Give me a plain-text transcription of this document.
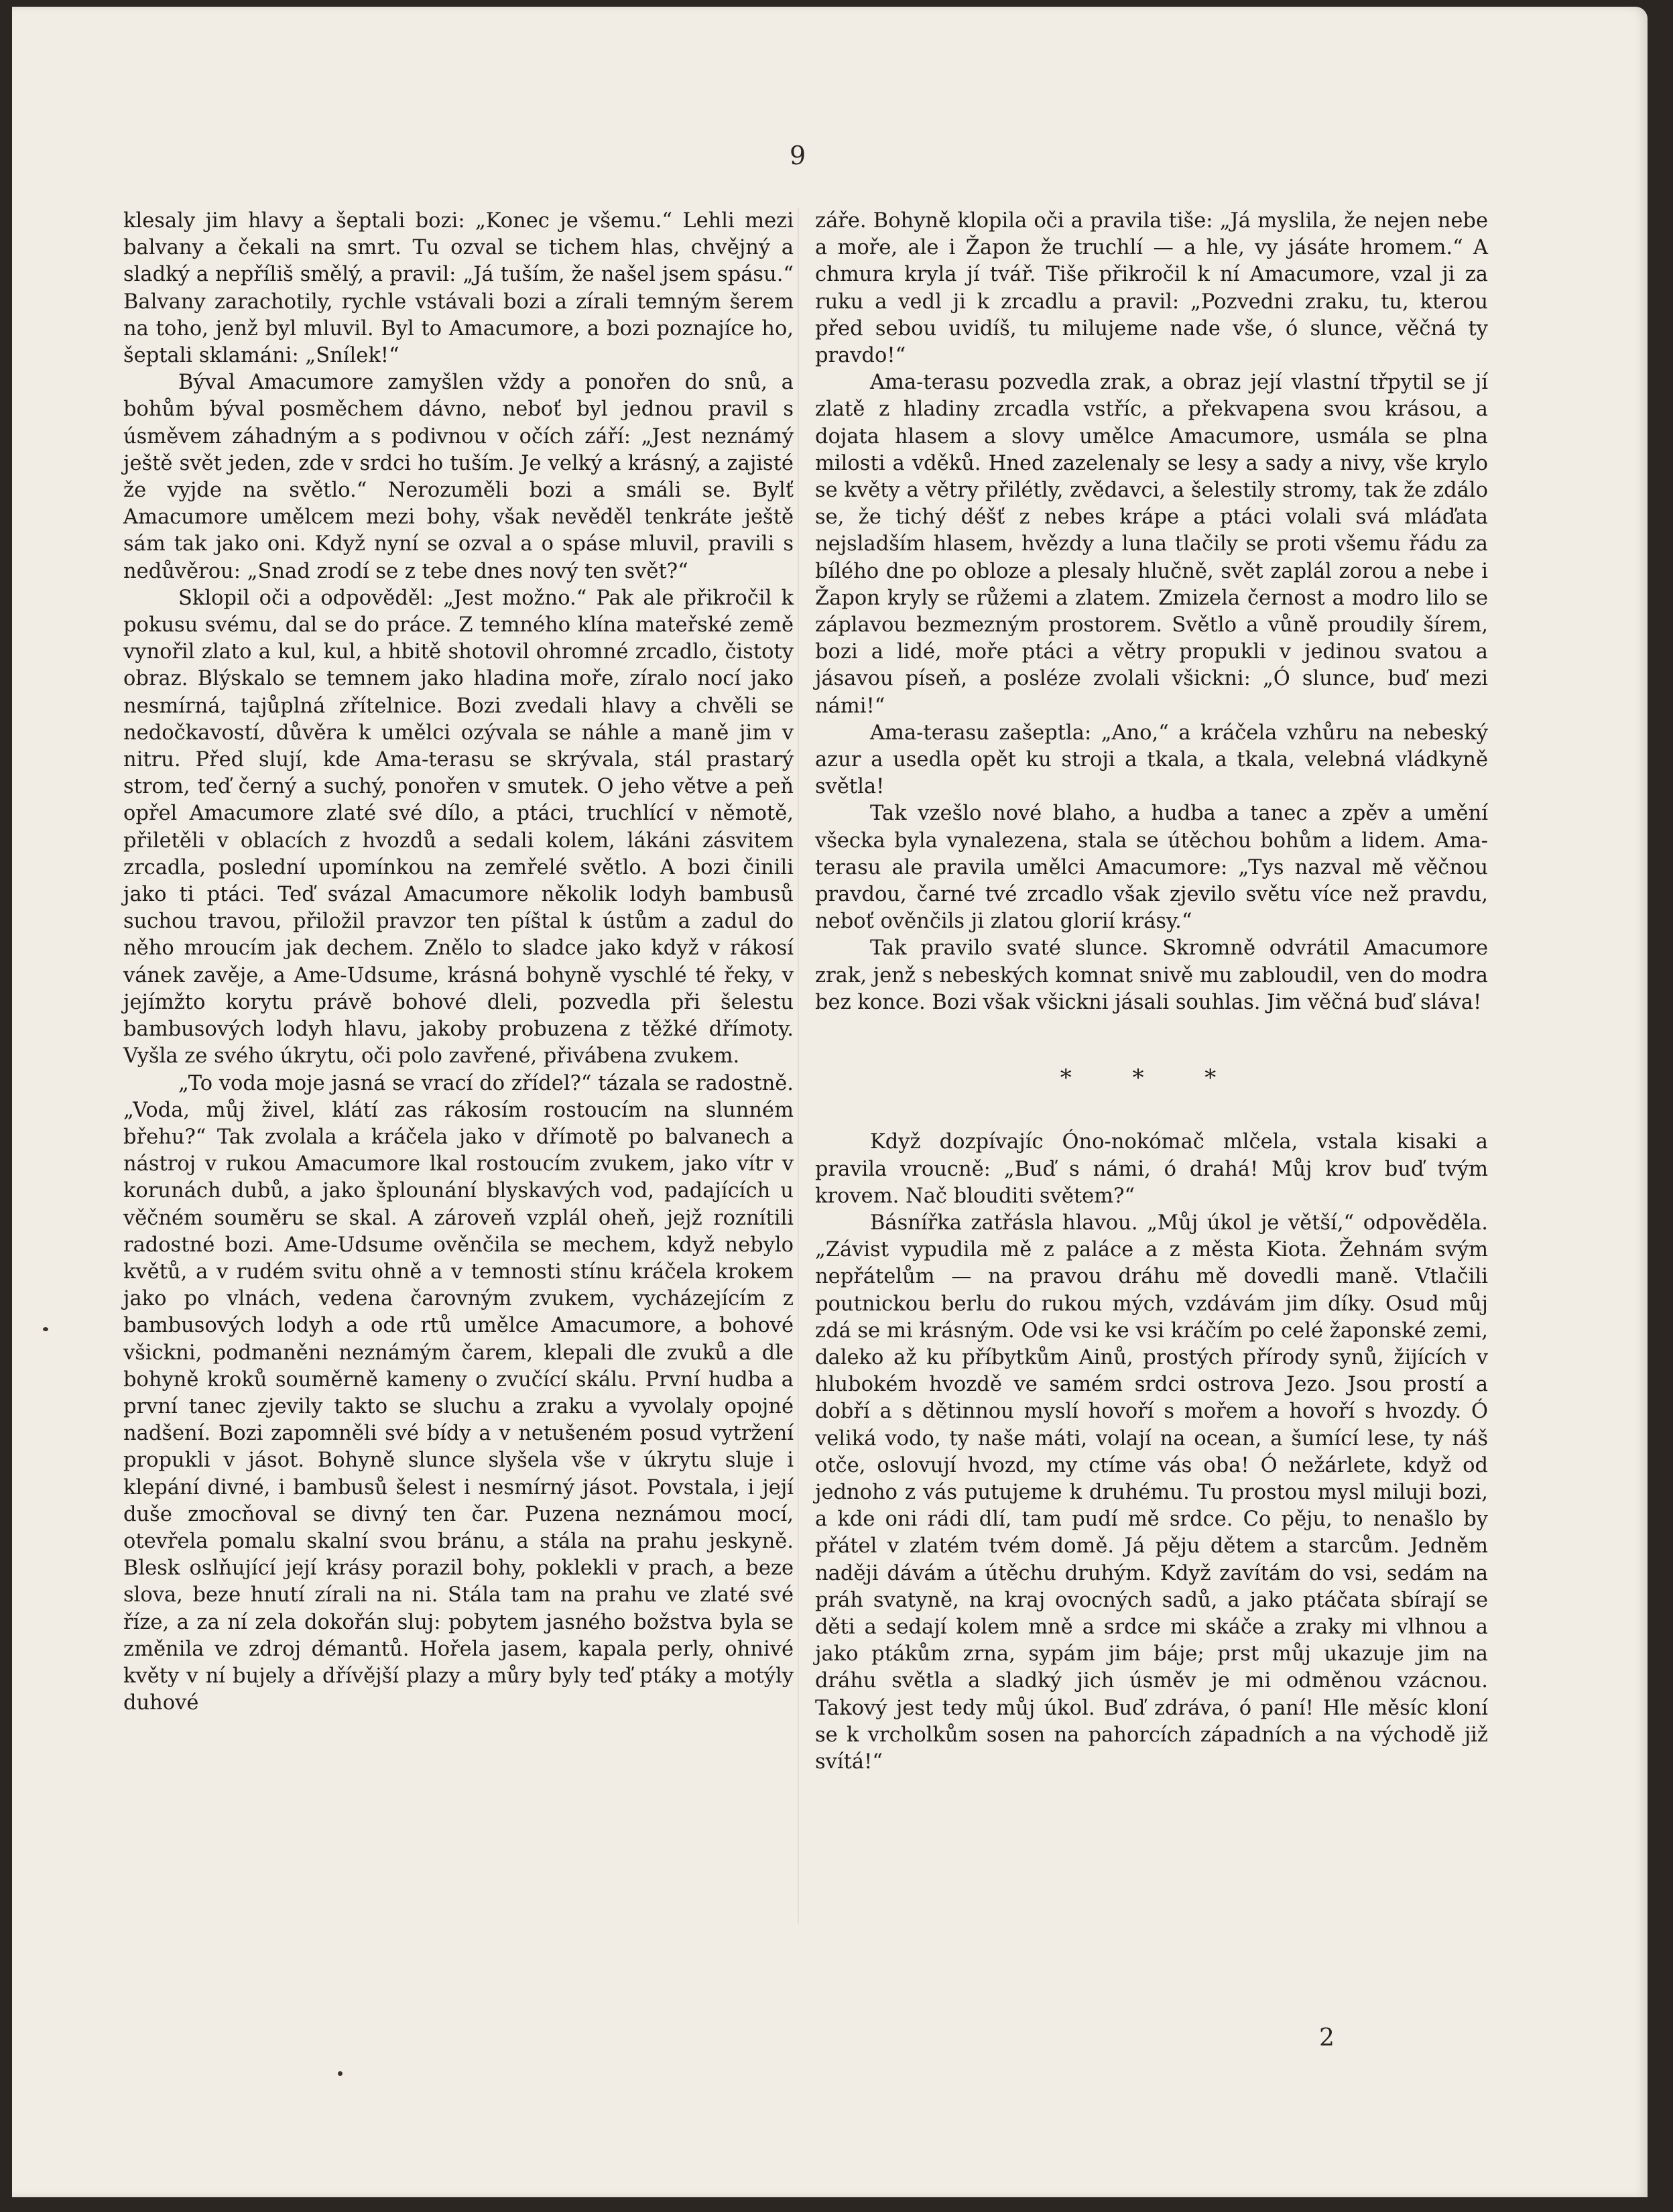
9

klesaly jim hlavy a šeptali bozi: „Konec je všemu.“ Lehli mezi balvany a čekali na smrt. Tu ozval se tichem hlas, chvějný a sladký a nepříliš smělý, a pravil: „Já tuším, že našel jsem spásu.“ Balvany zarachotily, rychle vstávali bozi a zírali temným šerem na toho, jenž byl mluvil. Byl to Amacumore, a bozi poznajíce ho, šeptali sklamáni: „Snílek!“

Býval Amacumore zamyšlen vždy a ponořen do snů, a bohům býval posměchem dávno, neboť byl jednou pravil s úsměvem záhadným a s podivnou v očích září: „Jest neznámý ještě svět jeden, zde v srdci ho tuším. Je velký a krásný, a zajisté že vyjde na světlo.“ Nerozuměli bozi a smáli se. Bylť Amacumore umělcem mezi bohy, však nevěděl tenkráte ještě sám tak jako oni. Když nyní se ozval a o spáse mluvil, pravili s nedůvěrou: „Snad zrodí se z tebe dnes nový ten svět?“

Sklopil oči a odpověděl: „Jest možno.“ Pak ale přikročil k pokusu svému, dal se do práce. Z temného klína mateřské země vynořil zlato a kul, kul, a hbitě shotovil ohromné zrcadlo, čistoty obraz. Blýskalo se temnem jako hladina moře, zíralo nocí jako nesmírná, tajůplná zřítelnice. Bozi zvedali hlavy a chvěli se nedočkavostí, důvěra k umělci ozývala se náhle a maně jim v nitru. Před slují, kde Ama-terasu se skrývala, stál prastarý strom, teď černý a suchý, ponořen v smutek. O jeho větve a peň opřel Amacumore zlaté své dílo, a ptáci, truchlící v němotě, přiletěli v oblacích z hvozdů a sedali kolem, lákáni zásvitem zrcadla, poslední upomínkou na zemřelé světlo. A bozi činili jako ti ptáci. Teď svázal Amacumore několik lodyh bambusů suchou travou, přiložil pravzor ten píštal k ústům a zadul do něho mroucím jak dechem. Znělo to sladce jako když v rákosí vánek zavěje, a Ame-Udsume, krásná bohyně vyschlé té řeky, v jejímžto korytu právě bohové dleli, pozvedla při šelestu bambusových lodyh hlavu, jakoby probuzena z těžké dřímoty. Vyšla ze svého úkrytu, oči polo zavřené, přivábena zvukem.

„To voda moje jasná se vrací do zřídel?“ tázala se radostně. „Voda, můj živel, klátí zas rákosím rostoucím na slunném břehu?“ Tak zvolala a kráčela jako v dřímotě po balvanech a nástroj v rukou Amacumore lkal rostoucím zvukem, jako vítr v korunách dubů, a jako šplounání blyskavých vod, padajících u věčném souměru se skal. A zároveň vzplál oheň, jejž roznítili radostné bozi. Ame-Udsume ověnčila se mechem, když nebylo květů, a v rudém svitu ohně a v temnosti stínu kráčela krokem jako po vlnách, vedena čarovným zvukem, vycházejícím z bambusových lodyh a ode rtů umělce Amacumore, a bohové všickni, podmaněni neznámým čarem, klepali dle zvuků a dle bohyně kroků souměrně kameny o zvučící skálu. První hudba a první tanec zjevily takto se sluchu a zraku a vyvolaly opojné nadšení. Bozi zapomněli své bídy a v netušeném posud vytržení propukli v jásot. Bohyně slunce slyšela vše v úkrytu sluje i klepání divné, i bambusů šelest i nesmírný jásot. Povstala, i její duše zmocňoval se divný ten čar. Puzena neznámou mocí, otevřela pomalu skalní svou bránu, a stála na prahu jeskyně. Blesk oslňující její krásy porazil bohy, poklekli v prach, a beze slova, beze hnutí zírali na ni. Stála tam na prahu ve zlaté své říze, a za ní zela dokořán sluj: pobytem jasného božstva byla se změnila ve zdroj démantů. Hořela jasem, kapala perly, ohnivé květy v ní bujely a dřívější plazy a můry byly teď ptáky a motýly duhové

záře. Bohyně klopila oči a pravila tiše: „Já myslila, že nejen nebe a moře, ale i Žapon že truchlí — a hle, vy jásáte hromem.“ A chmura kryla jí tvář. Tiše přikročil k ní Amacumore, vzal ji za ruku a vedl ji k zrcadlu a pravil: „Pozvedni zraku, tu, kterou před sebou uvidíš, tu milujeme nade vše, ó slunce, věčná ty pravdo!“

Ama-terasu pozvedla zrak, a obraz její vlastní třpytil se jí zlatě z hladiny zrcadla vstříc, a překvapena svou krásou, a dojata hlasem a slovy umělce Amacumore, usmála se plna milosti a vděků. Hned zazelenaly se lesy a sady a nivy, vše krylo se květy a větry přilétly, zvědavci, a šelestily stromy, tak že zdálo se, že tichý déšť z nebes krápe a ptáci volali svá mláďata nejsladším hlasem, hvězdy a luna tlačily se proti všemu řádu za bílého dne po obloze a plesaly hlučně, svět zaplál zorou a nebe i Žapon kryly se růžemi a zlatem. Zmizela černost a modro lilo se záplavou bezmezným prostorem. Světlo a vůně proudily šírem, bozi a lidé, moře ptáci a větry propukli v jedinou svatou a jásavou píseň, a posléze zvolali všickni: „Ó slunce, buď mezi námi!“

Ama-terasu zašeptla: „Ano,“ a kráčela vzhůru na nebeský azur a usedla opět ku stroji a tkala, a tkala, velebná vládkyně světla!

Tak vzešlo nové blaho, a hudba a tanec a zpěv a umění všecka byla vynalezena, stala se útěchou bohům a lidem. Ama-terasu ale pravila umělci Amacumore: „Tys nazval mě věčnou pravdou, čarné tvé zrcadlo však zjevilo světu více než pravdu, neboť ověnčils ji zlatou glorií krásy.“

Tak pravilo svaté slunce. Skromně odvrátil Amacumore zrak, jenž s nebeských komnat snivě mu zabloudil, ven do modra bez konce. Bozi však všickni jásali souhlas. Jim věčná buď sláva!

* * *

Když dozpívajíc Óno-nokómač mlčela, vstala kisaki a pravila vroucně: „Buď s námi, ó drahá! Můj krov buď tvým krovem. Nač blouditi světem?“

Básnířka zatřásla hlavou. „Můj úkol je větší,“ odpověděla. „Závist vypudila mě z paláce a z města Kiota. Žehnám svým nepřátelům — na pravou dráhu mě dovedli maně. Vtlačili poutnickou berlu do rukou mých, vzdávám jim díky. Osud můj zdá se mi krásným. Ode vsi ke vsi kráčím po celé žaponské zemi, daleko až ku příbytkům Ainů, prostých přírody synů, žijících v hlubokém hvozdě ve samém srdci ostrova Jezo. Jsou prostí a dobří a s dětinnou myslí hovoří s mořem a hovoří s hvozdy. Ó veliká vodo, ty naše máti, volají na ocean, a šumící lese, ty náš otče, oslovují hvozd, my ctíme vás oba! Ó nežárlete, když od jednoho z vás putujeme k druhému. Tu prostou mysl miluji bozi, a kde oni rádi dlí, tam pudí mě srdce. Co pěju, to nenašlo by přátel v zlatém tvém domě. Já pěju dětem a starcům. Jedněm naději dávám a útěchu druhým. Když zavítám do vsi, sedám na práh svatyně, na kraj ovocných sadů, a jako ptáčata sbírají se děti a sedají kolem mně a srdce mi skáče a zraky mi vlhnou a jako ptákům zrna, sypám jim báje; prst můj ukazuje jim na dráhu světla a sladký jich úsměv je mi odměnou vzácnou. Takový jest tedy můj úkol. Buď zdráva, ó paní! Hle měsíc kloní se k vrcholkům sosen na pahorcích západních a na východě již svítá!“

2
